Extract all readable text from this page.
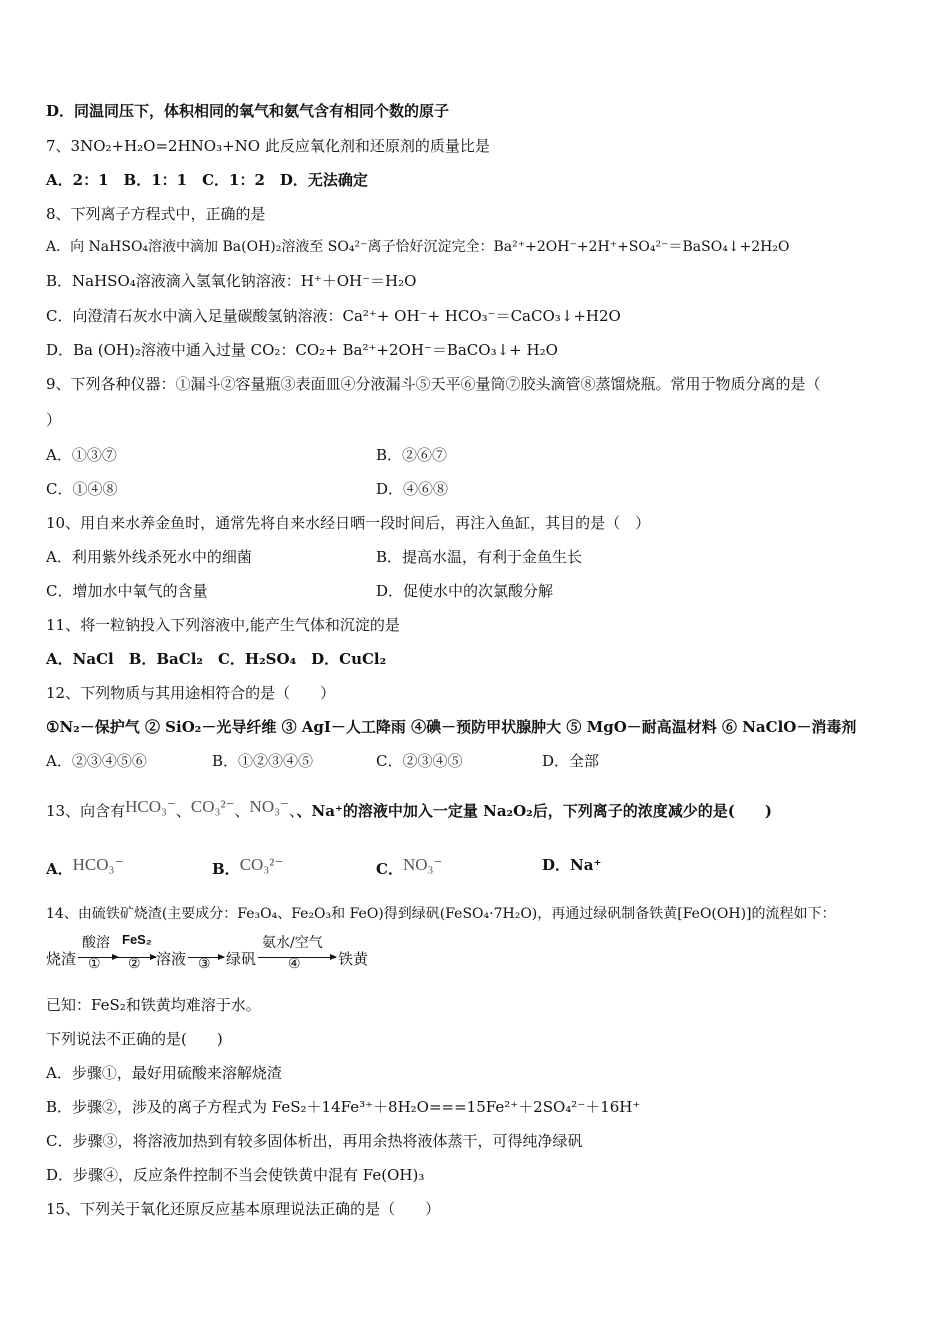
D．同温同压下，体积相同的氧气和氨气含有相同个数的原子
7、3NO₂+H₂O=2HNO₃+NO 此反应氧化剂和还原剂的质量比是
A．2：1　B．1：1　C．1：2　D．无法确定
8、下列离子方程式中，正确的是
A．向 NaHSO₄溶液中滴加 Ba(OH)₂溶液至 SO₄²⁻离子恰好沉淀完全：Ba²⁺+2OH⁻+2H⁺+SO₄²⁻＝BaSO₄↓+2H₂O
B．NaHSO₄溶液滴入氢氧化钠溶液：H⁺＋OH⁻＝H₂O
C．向澄清石灰水中滴入足量碳酸氢钠溶液：Ca²⁺+ OH⁻+ HCO₃⁻＝CaCO₃↓+H2O
D．Ba (OH)₂溶液中通入过量 CO₂：CO₂+ Ba²⁺+2OH⁻＝BaCO₃↓+ H₂O
9、下列各种仪器：①漏斗②容量瓶③表面皿④分液漏斗⑤天平⑥量筒⑦胶头滴管⑧蒸馏烧瓶。常用于物质分离的是（
）
A．①③⑦	B．②⑥⑦
C．①④⑧	D．④⑥⑧
10、用自来水养金鱼时，通常先将自来水经日晒一段时间后，再注入鱼缸，其目的是（　）
A．利用紫外线杀死水中的细菌	B．提高水温，有利于金鱼生长
C．增加水中氧气的含量	D．促使水中的次氯酸分解
11、将一粒钠投入下列溶液中,能产生气体和沉淀的是
A．NaCl　B．BaCl₂　C．H₂SO₄　D．CuCl₂
12、下列物质与其用途相符合的是（　　）
①N₂－保护气 ② SiO₂－光导纤维 ③ AgI－人工降雨 ④碘－预防甲状腺肿大 ⑤ MgO－耐高温材料 ⑥ NaClO－消毒剂
A．②③④⑤⑥	B．①②③④⑤	C．②③④⑤	D．全部
13、向含有HCO₃⁻、CO₃²⁻、NO₃⁻、、Na⁺的溶液中加入一定量 Na₂O₂后，下列离子的浓度减少的是(　　)
A．HCO₃⁻	B．CO₃²⁻	C．NO₃⁻	D．Na⁺
14、由硫铁矿烧渣(主要成分：Fe₃O₄、Fe₂O₃和 FeO)得到绿矾(FeSO₄·7H₂O)，再通过绿矾制备铁黄[FeO(OH)]的流程如下：
烧渣
酸溶
①
FeS₂
② 溶液 ③ 绿矾
氨水/空气
④ 铁黄
已知：FeS₂和铁黄均难溶于水。
下列说法不正确的是(　　)
A．步骤①，最好用硫酸来溶解烧渣
B．步骤②，涉及的离子方程式为 FeS₂＋14Fe³⁺＋8H₂O===15Fe²⁺＋2SO₄²⁻＋16H⁺
C．步骤③，将溶液加热到有较多固体析出，再用余热将液体蒸干，可得纯净绿矾
D．步骤④，反应条件控制不当会使铁黄中混有 Fe(OH)₃
15、下列关于氧化还原反应基本原理说法正确的是（　　）
